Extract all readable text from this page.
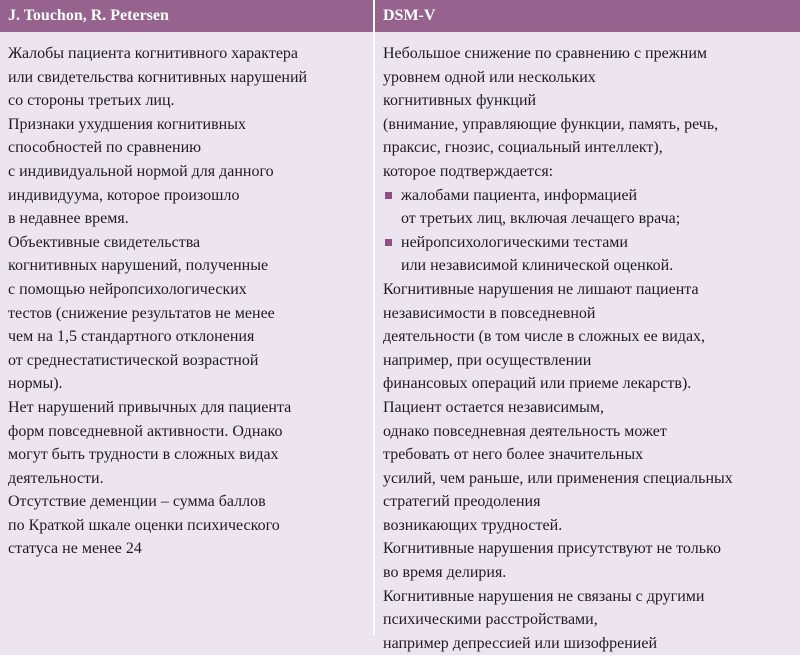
J. Touchon, R. Petersen	DSM-V
Жалобы пациента когнитивного характера
или свидетельства когнитивных нарушений
со стороны третьих лиц.
Признаки ухудшения когнитивных
способностей по сравнению
с индивидуальной нормой для данного
индивидуума, которое произошло
в недавнее время.
Объективные свидетельства
когнитивных нарушений, полученные
с помощью нейропсихологических
тестов (снижение результатов не менее
чем на 1,5 стандартного отклонения
от среднестатистической возрастной
нормы).
Нет нарушений привычных для пациента
форм повседневной активности. Однако
могут быть трудности в сложных видах
деятельности.
Отсутствие деменции – сумма баллов
по Краткой шкале оценки психического
статуса не менее 24
Небольшое снижение по сравнению с прежним
уровнем одной или нескольких
когнитивных функций
(внимание, управляющие функции, память, речь,
праксис, гнозис, социальный интеллект),
которое подтверждается:
жалобами пациента, информацией
от третьих лиц, включая лечащего врача;
нейропсихологическими тестами
или независимой клинической оценкой.
Когнитивные нарушения не лишают пациента
независимости в повседневной
деятельности (в том числе в сложных ее видах,
например, при осуществлении
финансовых операций или приеме лекарств).
Пациент остается независимым,
однако повседневная деятельность может
требовать от него более значительных
усилий, чем раньше, или применения специальных
стратегий преодоления
возникающих трудностей.
Когнитивные нарушения присутствуют не только
во время делирия.
Когнитивные нарушения не связаны с другими
психическими расстройствами,
например депрессией или шизофренией
